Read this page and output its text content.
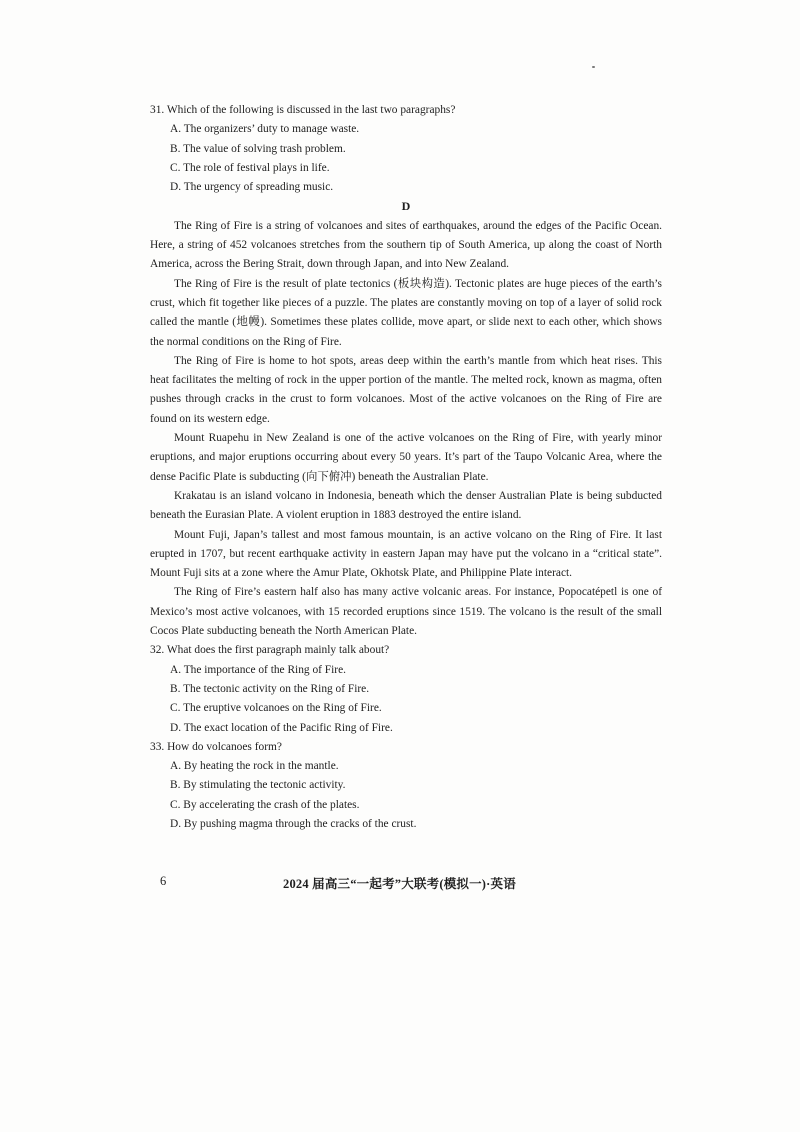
31. Which of the following is discussed in the last two paragraphs?

A. The organizers’ duty to manage waste.

B. The value of solving trash problem.

C. The role of festival plays in life.

D. The urgency of spreading music.

D

The Ring of Fire is a string of volcanoes and sites of earthquakes, around the edges of the Pacific Ocean. Here, a string of 452 volcanoes stretches from the southern tip of South America, up along the coast of North America, across the Bering Strait, down through Japan, and into New Zealand.

The Ring of Fire is the result of plate tectonics (板块构造). Tectonic plates are huge pieces of the earth’s crust, which fit together like pieces of a puzzle. The plates are constantly moving on top of a layer of solid rock called the mantle (地幔). Sometimes these plates collide, move apart, or slide next to each other, which shows the normal conditions on the Ring of Fire.

The Ring of Fire is home to hot spots, areas deep within the earth’s mantle from which heat rises. This heat facilitates the melting of rock in the upper portion of the mantle. The melted rock, known as magma, often pushes through cracks in the crust to form volcanoes. Most of the active volcanoes on the Ring of Fire are found on its western edge.

Mount Ruapehu in New Zealand is one of the active volcanoes on the Ring of Fire, with yearly minor eruptions, and major eruptions occurring about every 50 years. It’s part of the Taupo Volcanic Area, where the dense Pacific Plate is subducting (向下俯冲) beneath the Australian Plate.

Krakatau is an island volcano in Indonesia, beneath which the denser Australian Plate is being subducted beneath the Eurasian Plate. A violent eruption in 1883 destroyed the entire island.

Mount Fuji, Japan’s tallest and most famous mountain, is an active volcano on the Ring of Fire. It last erupted in 1707, but recent earthquake activity in eastern Japan may have put the volcano in a “critical state”. Mount Fuji sits at a zone where the Amur Plate, Okhotsk Plate, and Philippine Plate interact.

The Ring of Fire’s eastern half also has many active volcanic areas. For instance, Popocatépetl is one of Mexico’s most active volcanoes, with 15 recorded eruptions since 1519. The volcano is the result of the small Cocos Plate subducting beneath the North American Plate.

32. What does the first paragraph mainly talk about?

A. The importance of the Ring of Fire.

B. The tectonic activity on the Ring of Fire.

C. The eruptive volcanoes on the Ring of Fire.

D. The exact location of the Pacific Ring of Fire.

33. How do volcanoes form?

A. By heating the rock in the mantle.

B. By stimulating the tectonic activity.

C. By accelerating the crash of the plates.

D. By pushing magma through the cracks of the crust.

6	2024 届高三“一起考”大联考(模拟一)·英语
